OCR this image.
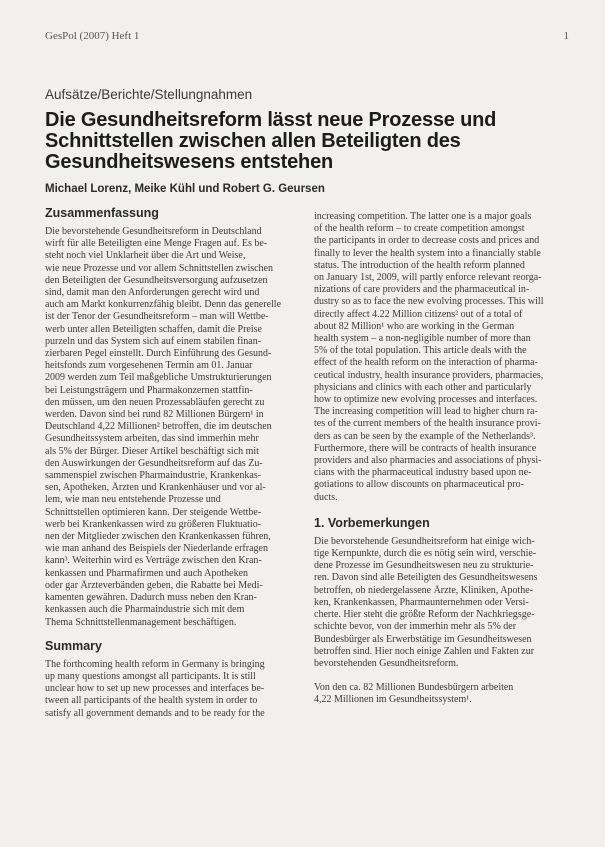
GesPol (2007) Heft 1	1
Aufsätze/Berichte/Stellungnahmen
Die Gesundheitsreform lässt neue Prozesse und
Schnittstellen zwischen allen Beteiligten des
Gesundheitswesens entstehen
Michael Lorenz, Meike Kühl und Robert G. Geursen
Zusammenfassung

Die bevorstehende Gesundheitsreform in Deutschland
wirft für alle Beteiligten eine Menge Fragen auf. Es be-
steht noch viel Unklarheit über die Art und Weise,
wie neue Prozesse und vor allem Schnittstellen zwischen
den Beteiligten der Gesundheitsversorgung aufzusetzen
sind, damit man den Anforderungen gerecht wird und
auch am Markt konkurrenzfähig bleibt. Denn das generelle
ist der Tenor der Gesundheitsreform – man will Wettbe-
werb unter allen Beteiligten schaffen, damit die Preise
purzeln und das System sich auf einem stabilen finan-
zierbaren Pegel einstellt. Durch Einführung des Gesund-
heitsfonds zum vorgesehenen Termin am 01. Januar
2009 werden zum Teil maßgebliche Umstrukturierungen
bei Leistungsträgern und Pharmakonzernen stattfin-
den müssen, um den neuen Prozessabläufen gerecht zu
werden. Davon sind bei rund 82 Millionen Bürgern¹ in
Deutschland 4,22 Millionen² betroffen, die im deutschen
Gesundheitssystem arbeiten, das sind immerhin mehr
als 5% der Bürger. Dieser Artikel beschäftigt sich mit
den Auswirkungen der Gesundheitsreform auf das Zu-
sammenspiel zwischen Pharmaindustrie, Krankenkas-
sen, Apotheken, Ärzten und Krankenhäuser und vor al-
lem, wie man neu entstehende Prozesse und
Schnittstellen optimieren kann. Der steigende Wettbe-
werb bei Krankenkassen wird zu größeren Fluktuatio-
nen der Mitglieder zwischen den Krankenkassen führen,
wie man anhand des Beispiels der Niederlande erfragen
kann³. Weiterhin wird es Verträge zwischen den Kran-
kenkassen und Pharmafirmen und auch Apotheken
oder gar Ärzteverbänden geben, die Rabatte bei Medi-
kamenten gewähren. Dadurch muss neben den Kran-
kenkassen auch die Pharmaindustrie sich mit dem
Thema Schnittstellenmanagement beschäftigen.

Summary

The forthcoming health reform in Germany is bringing
up many questions amongst all participants. It is still
unclear how to set up new processes and interfaces be-
tween all participants of the health system in order to
satisfy all government demands and to be ready for the

increasing competition. The latter one is a major goals
of the health reform – to create competition amongst
the participants in order to decrease costs and prices and
finally to lever the health system into a financially stable
status. The introduction of the health reform planned
on January 1st, 2009, will partly enforce relevant reorga-
nizations of care providers and the pharmaceutical in-
dustry so as to face the new evolving processes. This will
directly affect 4.22 Million citizens² out of a total of
about 82 Million¹ who are working in the German
health system – a non-negligible number of more than
5% of the total population. This article deals with the
effect of the health reform on the interaction of pharma-
ceutical industry, health insurance providers, pharmacies,
physicians and clinics with each other and particularly
how to optimize new evolving processes and interfaces.
The increasing competition will lead to higher churn ra-
tes of the current members of the health insurance provi-
ders as can be seen by the example of the Netherlands³.
Furthermore, there will be contracts of health insurance
providers and also pharmacies and associations of physi-
cians with the pharmaceutical industry based upon ne-
gotiations to allow discounts on pharmaceutical pro-
ducts.

1. Vorbemerkungen

Die bevorstehende Gesundheitsreform hat einige wich-
tige Kernpunkte, durch die es nötig sein wird, verschie-
dene Prozesse im Gesundheitswesen neu zu strukturie-
ren. Davon sind alle Beteiligten des Gesundheitswesens
betroffen, ob niedergelassene Ärzte, Kliniken, Apothe-
ken, Krankenkassen, Pharmaunternehmen oder Versi-
cherte. Hier steht die größte Reform der Nachkriegsge-
schichte bevor, von der immerhin mehr als 5% der
Bundesbürger als Erwerbstätige im Gesundheitswesen
betroffen sind. Hier noch einige Zahlen und Fakten zur
bevorstehenden Gesundheitsreform.

Von den ca. 82 Millionen Bundesbürgern arbeiten
4,22 Millionen im Gesundheitssystem¹.
